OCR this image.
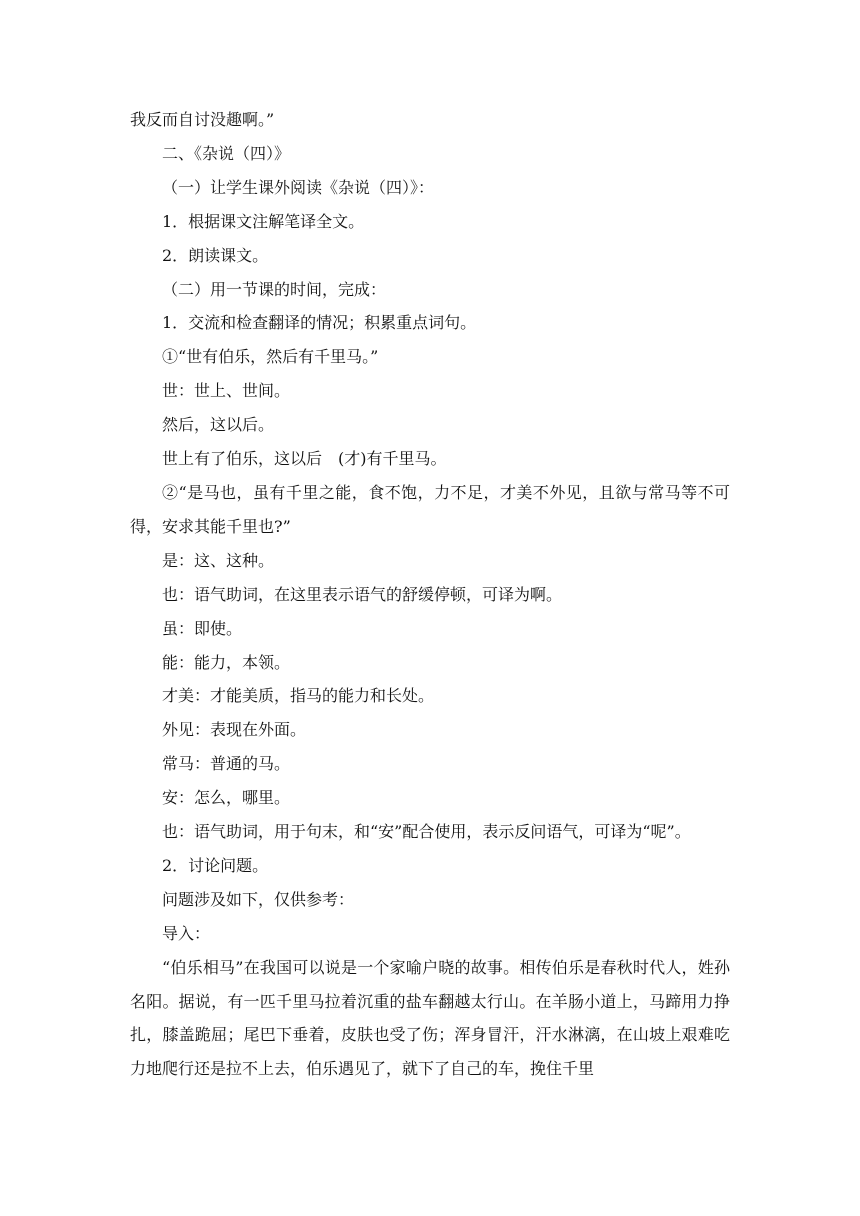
我反而自讨没趣啊。”

二、《杂说（四）》

（一）让学生课外阅读《杂说（四）》：

1．根据课文注解笔译全文。

2．朗读课文。

（二）用一节课的时间，完成：

1．交流和检查翻译的情况；积累重点词句。

①“世有伯乐，然后有千里马。”

世：世上、世间。

然后，这以后。

世上有了伯乐，这以后　(才)有千里马。

②“是马也，虽有千里之能，食不饱，力不足，才美不外见，且欲与常马等不可得，安求其能千里也?”

是：这、这种。

也：语气助词，在这里表示语气的舒缓停顿，可译为啊。

虽：即使。

能：能力，本领。

才美：才能美质，指马的能力和长处。

外见：表现在外面。

常马：普通的马。

安：怎么，哪里。

也：语气助词，用于句末，和“安”配合使用，表示反问语气，可译为“呢”。

2．讨论问题。

问题涉及如下，仅供参考：

导入：

“伯乐相马”在我国可以说是一个家喻户晓的故事。相传伯乐是春秋时代人，姓孙名阳。据说，有一匹千里马拉着沉重的盐车翻越太行山。在羊肠小道上，马蹄用力挣扎，膝盖跪屈；尾巴下垂着，皮肤也受了伤；浑身冒汗，汗水淋漓，在山坡上艰难吃力地爬行还是拉不上去，伯乐遇见了，就下了自己的车，挽住千里
